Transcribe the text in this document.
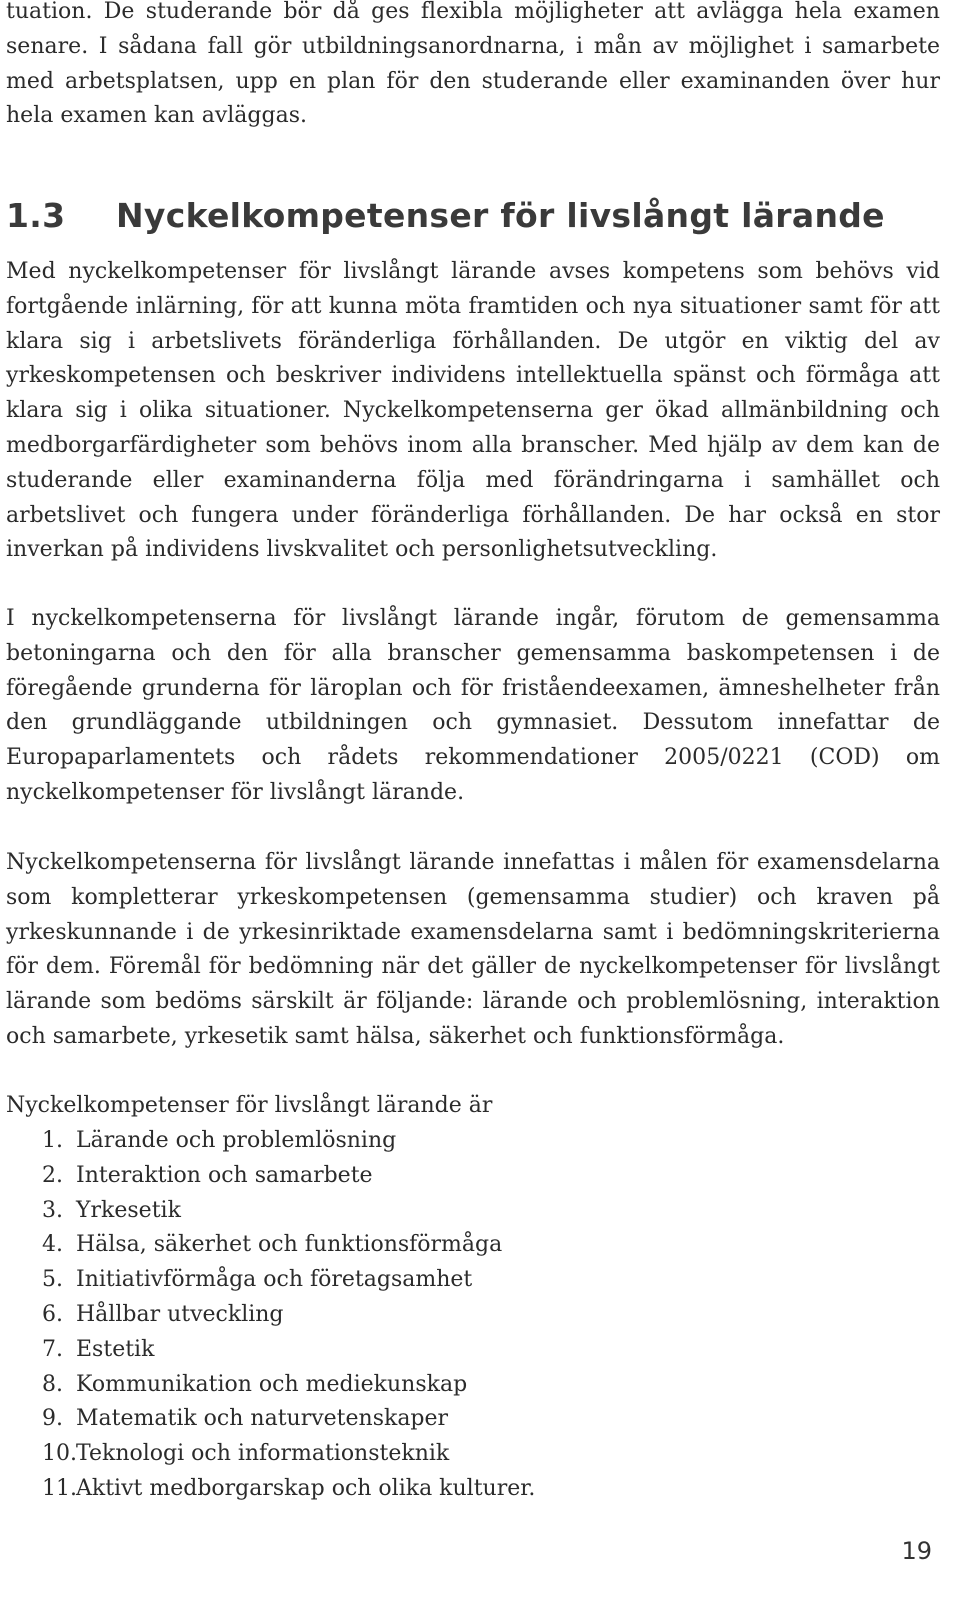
tuation. De studerande bör då ges flexibla möjligheter att avlägga hela examen senare. I sådana fall gör utbildningsanordnarna, i mån av möjlighet i samarbete med arbetsplatsen, upp en plan för den studerande eller examinanden över hur hela examen kan avläggas.

1.3 Nyckelkompetenser för livslångt lärande

Med nyckelkompetenser för livslångt lärande avses kompetens som behövs vid fortgående inlärning, för att kunna möta framtiden och nya situationer samt för att klara sig i arbetslivets föränderliga förhållanden. De utgör en viktig del av yrkeskompetensen och beskriver individens intellektuella spänst och förmåga att klara sig i olika situationer. Nyckelkompetenserna ger ökad allmänbildning och medborgarfärdigheter som behövs inom alla branscher. Med hjälp av dem kan de studerande eller examinanderna följa med förändringarna i samhället och arbetslivet och fungera under föränderliga förhållanden. De har också en stor inverkan på individens livskvalitet och personlighetsutveckling.

I nyckelkompetenserna för livslångt lärande ingår, förutom de gemensamma betoningarna och den för alla branscher gemensamma baskompetensen i de föregående grunderna för läroplan och för friståendeexamen, ämneshelheter från den grundläggande utbildningen och gymnasiet. Dessutom innefattar de Europaparlamentets och rådets rekommendationer 2005/0221 (COD) om nyckelkompetenser för livslångt lärande.

Nyckelkompetenserna för livslångt lärande innefattas i målen för examensdelarna som kompletterar yrkeskompetensen (gemensamma studier) och kraven på yrkeskunnande i de yrkesinriktade examensdelarna samt i bedömningskriterierna för dem. Föremål för bedömning när det gäller de nyckelkompetenser för livslångt lärande som bedöms särskilt är följande: lärande och problemlösning, interaktion och samarbete, yrkesetik samt hälsa, säkerhet och funktionsförmåga.

Nyckelkompetenser för livslångt lärande är
1. Lärande och problemlösning
2. Interaktion och samarbete
3. Yrkesetik
4. Hälsa, säkerhet och funktionsförmåga
5. Initiativförmåga och företagsamhet
6. Hållbar utveckling
7. Estetik
8. Kommunikation och mediekunskap
9. Matematik och naturvetenskaper
10.Teknologi och informationsteknik
11.Aktivt medborgarskap och olika kulturer.
19
